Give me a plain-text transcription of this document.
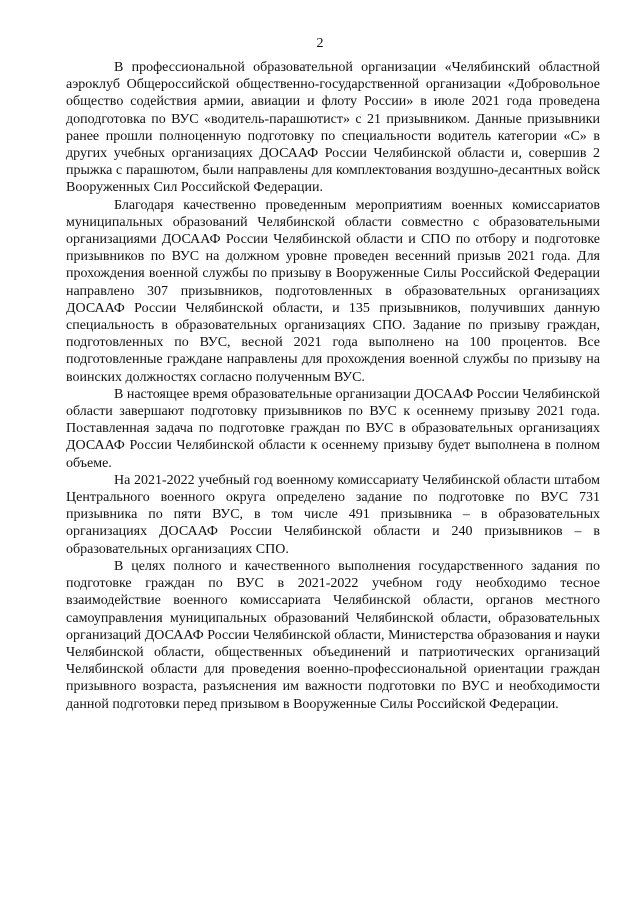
2

В профессиональной образовательной организации «Челябинский областной аэроклуб Общероссийской общественно-государственной организации «Добровольное общество содействия армии, авиации и флоту России» в июле 2021 года проведена доподготовка по ВУС «водитель-парашютист» с 21 призывником. Данные призывники ранее прошли полноценную подготовку по специальности водитель категории «С» в других учебных организациях ДОСААФ России Челябинской области и, совершив 2 прыжка с парашютом, были направлены для комплектования воздушно-десантных войск Вооруженных Сил Российской Федерации.

Благодаря качественно проведенным мероприятиям военных комиссариатов муниципальных образований Челябинской области совместно с образовательными организациями ДОСААФ России Челябинской области и СПО по отбору и подготовке призывников по ВУС на должном уровне проведен весенний призыв 2021 года. Для прохождения военной службы по призыву в Вооруженные Силы Российской Федерации направлено 307 призывников, подготовленных в образовательных организациях ДОСААФ России Челябинской области, и 135 призывников, получивших данную специальность в образовательных организациях СПО. Задание по призыву граждан, подготовленных по ВУС, весной 2021 года выполнено на 100 процентов. Все подготовленные граждане направлены для прохождения военной службы по призыву на воинских должностях согласно полученным ВУС.

В настоящее время образовательные организации ДОСААФ России Челябинской области завершают подготовку призывников по ВУС к осеннему призыву 2021 года. Поставленная задача по подготовке граждан по ВУС в образовательных организациях ДОСААФ России Челябинской области к осеннему призыву будет выполнена в полном объеме.

На 2021-2022 учебный год военному комиссариату Челябинской области штабом Центрального военного округа определено задание по подготовке по ВУС 731 призывника по пяти ВУС, в том числе 491 призывника – в образовательных организациях ДОСААФ России Челябинской области и 240 призывников – в образовательных организациях СПО.

В целях полного и качественного выполнения государственного задания по подготовке граждан по ВУС в 2021-2022 учебном году необходимо тесное взаимодействие военного комиссариата Челябинской области, органов местного самоуправления муниципальных образований Челябинской области, образовательных организаций ДОСААФ России Челябинской области, Министерства образования и науки Челябинской области, общественных объединений и патриотических организаций Челябинской области для проведения военно-профессиональной ориентации граждан призывного возраста, разъяснения им важности подготовки по ВУС и необходимости данной подготовки перед призывом в Вооруженные Силы Российской Федерации.
